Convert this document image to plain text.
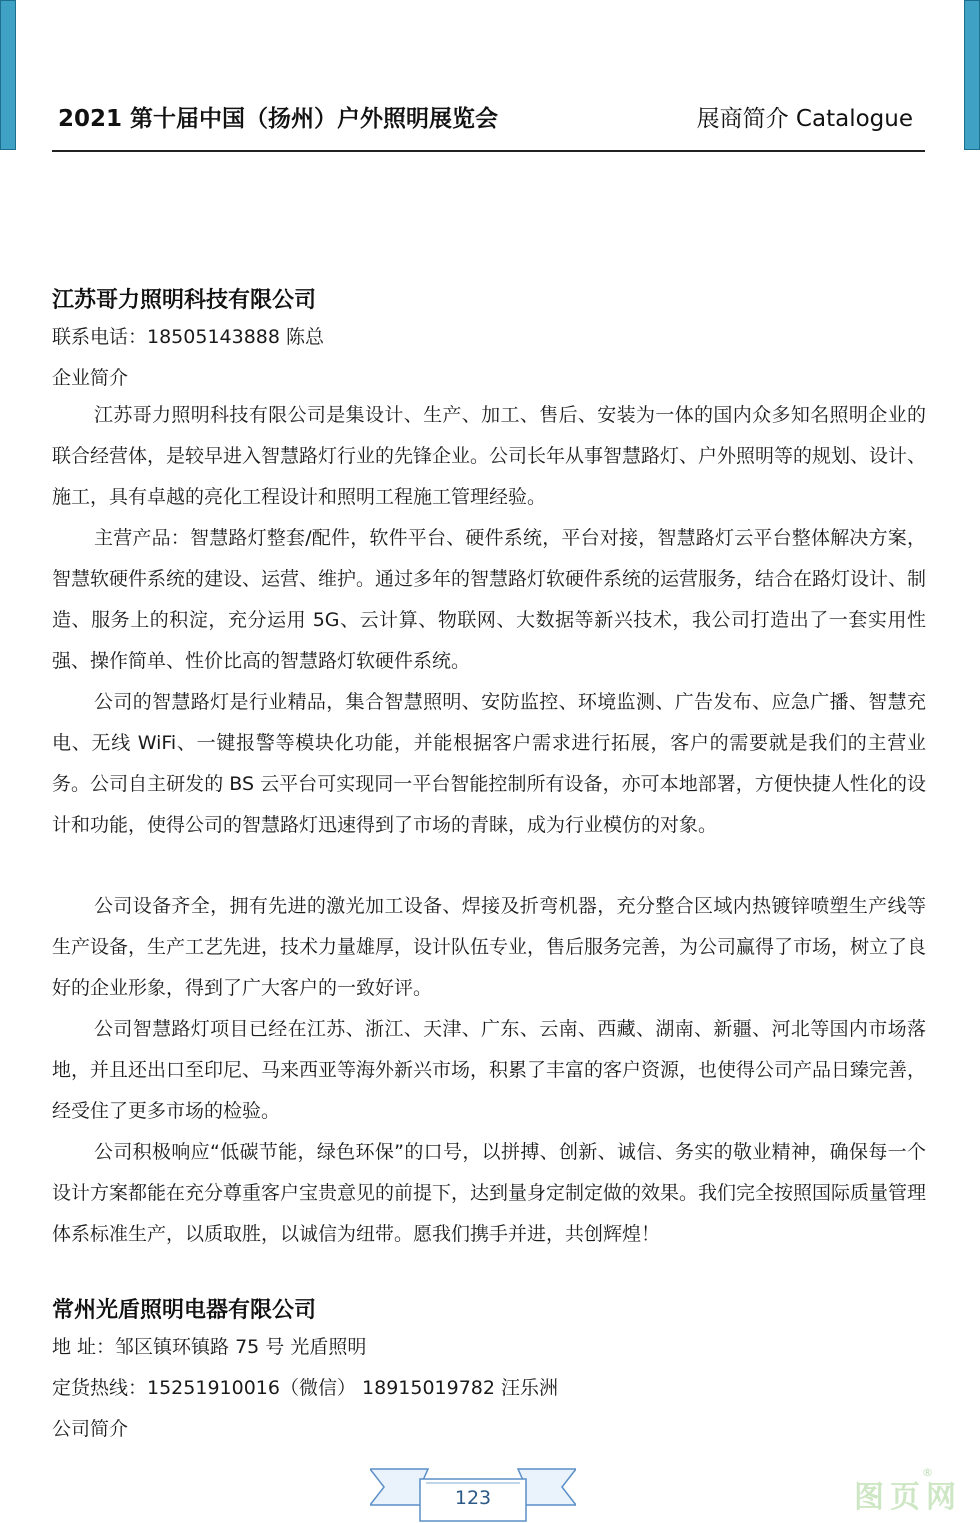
2021 第十届中国（扬州）户外照明展览会	展商简介 Catalogue
江苏哥力照明科技有限公司
联系电话：18505143888 陈总
企业简介
江苏哥力照明科技有限公司是集设计、生产、加工、售后、安装为一体的国内众多知名照明企业的联合经营体，是较早进入智慧路灯行业的先锋企业。公司长年从事智慧路灯、户外照明等的规划、设计、施工，具有卓越的亮化工程设计和照明工程施工管理经验。
主营产品：智慧路灯整套/配件，软件平台、硬件系统，平台对接，智慧路灯云平台整体解决方案，智慧软硬件系统的建设、运营、维护。通过多年的智慧路灯软硬件系统的运营服务，结合在路灯设计、制造、服务上的积淀，充分运用 5G、云计算、物联网、大数据等新兴技术，我公司打造出了一套实用性强、操作简单、性价比高的智慧路灯软硬件系统。
公司的智慧路灯是行业精品，集合智慧照明、安防监控、环境监测、广告发布、应急广播、智慧充电、无线 WiFi、一键报警等模块化功能，并能根据客户需求进行拓展，客户的需要就是我们的主营业务。公司自主研发的 BS 云平台可实现同一平台智能控制所有设备，亦可本地部署，方便快捷人性化的设计和功能，使得公司的智慧路灯迅速得到了市场的青睐，成为行业模仿的对象。
公司设备齐全，拥有先进的激光加工设备、焊接及折弯机器，充分整合区域内热镀锌喷塑生产线等生产设备，生产工艺先进，技术力量雄厚，设计队伍专业，售后服务完善，为公司赢得了市场，树立了良好的企业形象，得到了广大客户的一致好评。
公司智慧路灯项目已经在江苏、浙江、天津、广东、云南、西藏、湖南、新疆、河北等国内市场落地，并且还出口至印尼、马来西亚等海外新兴市场，积累了丰富的客户资源，也使得公司产品日臻完善，经受住了更多市场的检验。
公司积极响应“低碳节能，绿色环保”的口号，以拼搏、创新、诚信、务实的敬业精神，确保每一个设计方案都能在充分尊重客户宝贵意见的前提下，达到量身定制定做的效果。我们完全按照国际质量管理体系标准生产，以质取胜，以诚信为纽带。愿我们携手并进，共创辉煌！
常州光盾照明电器有限公司
地 址：邹区镇环镇路 75 号 光盾照明
定货热线：15251910016（微信） 18915019782 汪乐洲
公司简介
123	图页网
®
